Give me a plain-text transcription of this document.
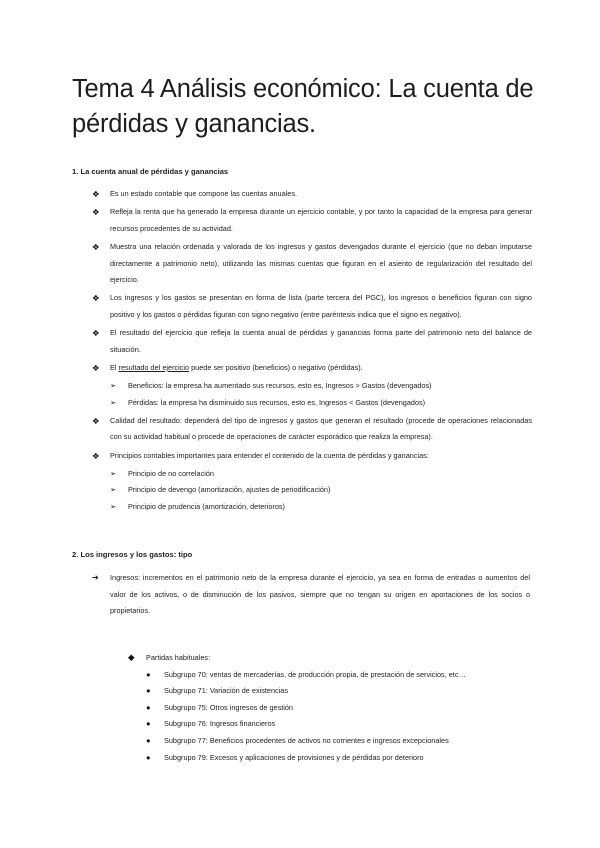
Tema 4 Análisis económico: La cuenta de pérdidas y ganancias.
1. La cuenta anual de pérdidas y ganancias
❖ Es un estado contable que compone las cuentas anuales.
❖ Refleja la renta que ha generado la empresa durante un ejercicio contable, y por tanto la capacidad de la empresa para generar recursos procedentes de su actividad.
❖ Muestra una relación ordenada y valorada de los ingresos y gastos devengados durante el ejercicio (que no deban imputarse directamente a patrimonio neto), utilizando las mismas cuentas que figuran en el asiento de regularización del resultado del ejercicio.
❖ Los ingresos y los gastos se presentan en forma de lista (parte tercera del PGC), los ingresos o beneficios figuran con signo positivo y los gastos o pérdidas figuran con signo negativo (entre paréntesis indica que el signo es negativo).
❖ El resultado del ejercicio que refleja la cuenta anual de pérdidas y ganancias forma parte del patrimonio neto del balance de situación.
❖ El resultado del ejercicio puede ser positivo (beneficios) o negativo (pérdidas).
➢ Beneficios: la empresa ha aumentado sus recursos, esto es, Ingresos > Gastos (devengados)
➢ Pérdidas: la empresa ha disminuido sus recursos, esto es, Ingresos < Gastos (devengados)
❖ Calidad del resultado: dependerá del tipo de ingresos y gastos que generan el resultado (procede de operaciones relacionadas con su actividad habitual o procede de operaciones de carácter esporádico que realiza la empresa).
❖ Principios contables importantes para entender el contenido de la cuenta de pérdidas y ganancias:
➢ Principio de no correlación
➢ Principio de devengo (amortización, ajustes de periodificación)
➢ Principio de prudencia (amortización, deterioros)
2. Los ingresos y los gastos: tipo
➔ Ingresos: incrementos en el patrimonio neto de la empresa durante el ejercicio, ya sea en forma de entradas o aumentos del valor de los activos, o de disminución de los pasivos, siempre que no tengan su origen en aportaciones de los socios o propietarios.
◆ Partidas habituales:
● Subgrupo 70: ventas de mercaderías, de producción propia, de prestación de servicios, etc…
● Subgrupo 71: Variación de existencias
● Subgrupo 75: Otros ingresos de gestión
● Subgrupo 76: Ingresos financieros
● Subgrupo 77: Beneficios procedentes de activos no corrientes e ingresos excepcionales
● Subgrupo 79: Excesos y aplicaciones de provisiones y de pérdidas por deterioro
